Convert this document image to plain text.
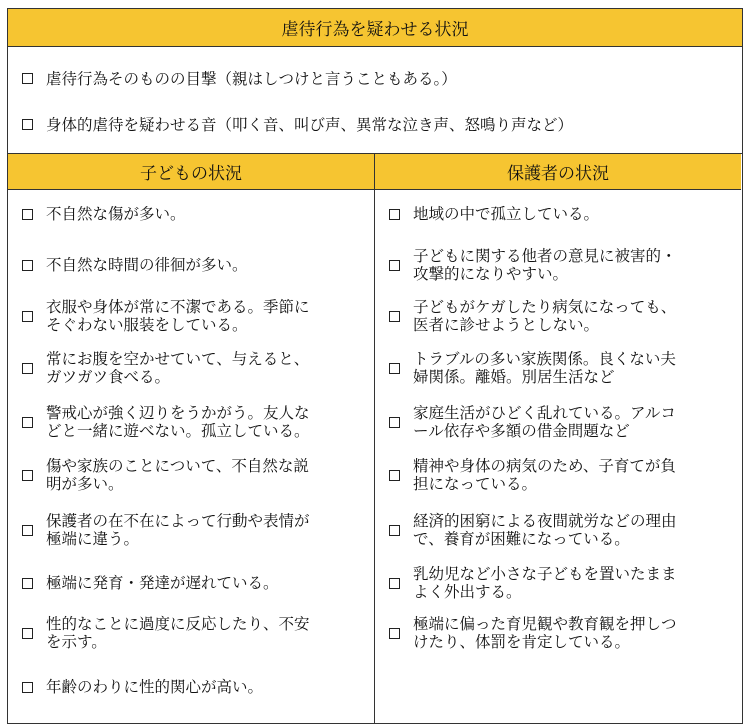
虐待行為を疑わせる状況
虐待行為そのものの目撃（親はしつけと言うこともある。）
身体的虐待を疑わせる音（叩く音、叫び声、異常な泣き声、怒鳴り声など）
子どもの状況
不自然な傷が多い。
不自然な時間の徘徊が多い。
衣服や身体が常に不潔である。季節に
そぐわない服装をしている。
常にお腹を空かせていて、与えると、
ガツガツ食べる。
警戒心が強く辺りをうかがう。友人な
どと一緒に遊べない。孤立している。
傷や家族のことについて、不自然な説
明が多い。
保護者の在不在によって行動や表情が
極端に違う。
極端に発育・発達が遅れている。
性的なことに過度に反応したり、不安
を示す。
年齢のわりに性的関心が高い。
保護者の状況
地域の中で孤立している。
子どもに関する他者の意見に被害的・
攻撃的になりやすい。
子どもがケガしたり病気になっても、
医者に診せようとしない。
トラブルの多い家族関係。良くない夫
婦関係。離婚。別居生活など
家庭生活がひどく乱れている。アルコ
ール依存や多額の借金問題など
精神や身体の病気のため、子育てが負
担になっている。
経済的困窮による夜間就労などの理由
で、養育が困難になっている。
乳幼児など小さな子どもを置いたまま
よく外出する。
極端に偏った育児観や教育観を押しつ
けたり、体罰を肯定している。
